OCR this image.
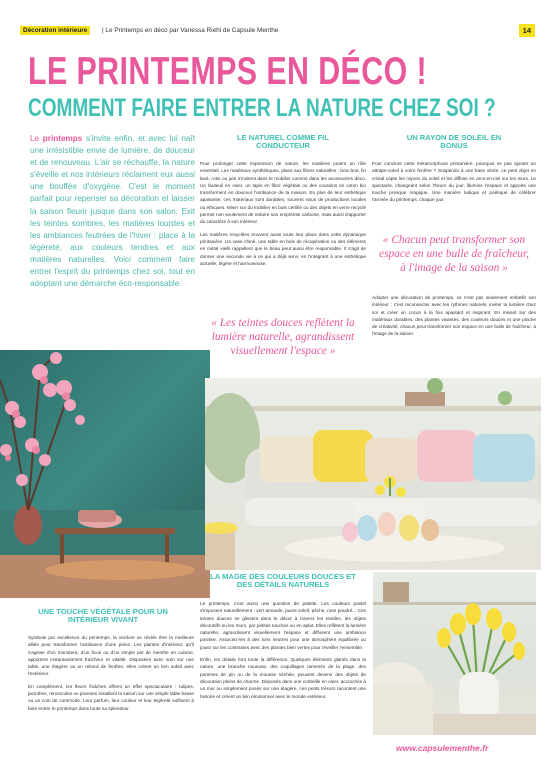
Décoration intérieure	| Le Printemps en déco par Vanessa Riehl de Capsule Menthe	14
LE PRINTEMPS EN DÉCO !
COMMENT FAIRE ENTRER LA NATURE CHEZ SOI ?
Le printemps s'invite enfin, et avec lui naît une irrésistible envie de lumière, de douceur et de renouveau. L'air se réchauffe, la nature s'éveille et nos intérieurs réclament eux aussi une bouffée d'oxygène. C'est le moment parfait pour repenser sa décoration et laisser la saison fleurir jusque dans son salon. Exit les teintes sombres, les matières lourdes et les ambiances feutrées de l'hiver : place à la légèreté, aux couleurs tendres et aux matières naturelles. Voici comment faire entrer l'esprit du printemps chez soi, tout en adoptant une démarche éco-responsable.
LE NATUREL COMME FIL CONDUCTEUR

Pour prolonger cette impression de nature, les matières jouent un rôle essentiel. Les matériaux synthétiques, place aux fibres naturelles : bois brut, lin lavé, rotin ou jute s'invitent dans le mobilier comme dans les accessoires déco. Un fauteuil en osier, un tapis en fibre végétale ou des coussins en coton bio transforment en douceur l'ambiance de la maison. En plus de leur esthétique apaisante, ces matériaux sont durables, souvent issus de productions locales ou éthiques. Miser sur du mobilier en bois certifié ou des objets en verre recyclé permet non seulement de réduire son empreinte carbone, mais aussi d'apporter du caractère à son intérieur.

Les matières recyclées trouvent aussi toute leur place dans cette dynamique printanière. Un vase chiné, une table en bois de récupération ou des éléments en métal vieilli rappellent que le beau peut aussi être responsable. Il s'agit de donner une seconde vie à ce qui a déjà servi, en l'intégrant à une esthétique actuelle, légère et harmonieuse.

« Les teintes douces reflètent la lumière naturelle, agrandissent visuellement l'espace »
UN RAYON DE SOLEIL EN BONUS

Pour conclure cette métamorphose printanière, pourquoi ne pas ajouter un attrape-soleil à votre fenêtre ? Suspendu à une base vitrée, ce petit objet en cristal capte les rayons du soleil et les diffuse en arcs-en-ciel sur les murs. Le spectacle, changeant selon l'heure du jour, illumine l'espace et apporte une touche presque magique. Une manière ludique et poétique de célébrer l'arrivée du printemps, chaque jour.

« Chacun peut transformer son espace en une bulle de fraîcheur, à l'image de la saison »

Adopter une décoration de printemps, ce n'est pas seulement embellir son intérieur : c'est reconnecter avec les rythmes naturels, inviter la lumière chez soi et créer un cocon à la fois apaisant et inspirant. En misant sur des matériaux durables, des plantes vivantes, des couleurs douces et une pincée de créativité, chacun peut transformer son espace en une bulle de fraîcheur, à l'image de la saison.

UNE TOUCHE VÉGÉTALE POUR UN INTÉRIEUR VIVANT

Symbole par excellence du printemps, la verdure se révèle être la meilleure alliée pour transformer l'ambiance d'une pièce. Les plantes d'intérieur, qu'il s'agisse d'un monstera, d'un ficus ou d'un simple pot de menthe en cuisine, apportent instantanément fraîcheur et vitalité. Disposées avec soin sur une table, une étagère ou un rebord de fenêtre, elles créent un lien subtil avec l'extérieur.

En complément, les fleurs fraîches offrent un effet spectaculaire : tulipes, jacinthes, renoncules ou pivoines installent la saison sur une simple table basse ou un coin de commode. Leur parfum, leur couleur et leur légèreté suffisent à faire entrer le printemps dans toute sa splendeur.

LA MAGIE DES COULEURS DOUCES ET DES DÉTAILS NATURELS

Le printemps, c'est aussi une question de palette. Les couleurs pastel s'imposent naturellement : vert amande, jaune soleil, pêche, rose poudré... Ces teintes douces se glissent dans le décor à travers les textiles, les objets décoratifs ou les murs, par petites touches ou en aplat. Elles reflètent la lumière naturelle, agrandissent visuellement l'espace et diffusent une ambiance positive. Associez-les à des tons neutres pour une atmosphère équilibrée ou jouez sur les contrastes avec des plantes bien vertes pour réveiller l'ensemble.

Enfin, les détails font toute la différence. Quelques éléments glanés dans la nature, une branche noueuse, des coquillages ramenés de la plage, des pommes de pin ou de la mousse séchée, peuvent devenir des objets de décoration pleins de charme. Disposés dans une corbeille en osier, accrochés à un mur ou simplement posés sur une étagère, ces petits trésors racontent une histoire et créent un lien émotionnel avec le monde extérieur.

www.capsulementhe.fr
